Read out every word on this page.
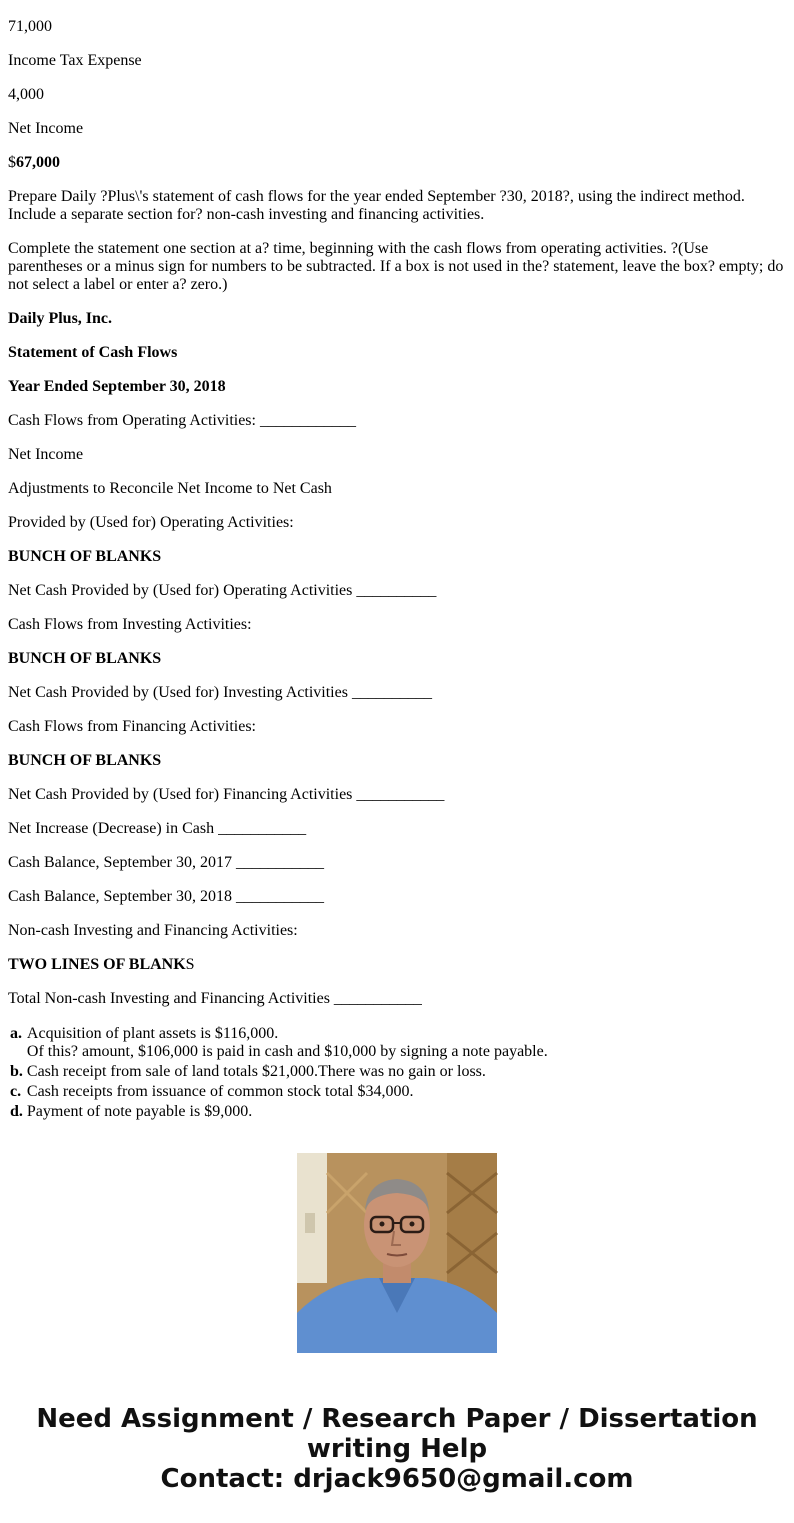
71,000

Income Tax Expense

4,000

Net Income

$67,000

Prepare Daily ?Plus\'s statement of cash flows for the year ended September ?30, 2018?, using the indirect method. Include a separate section for? non-cash investing and financing activities.

Complete the statement one section at a? time, beginning with the cash flows from operating activities. ?(Use parentheses or a minus sign for numbers to be subtracted. If a box is not used in the? statement, leave the box? empty; do not select a label or enter a? zero.)

Daily Plus, Inc.

Statement of Cash Flows

Year Ended September 30, 2018

Cash Flows from Operating Activities: ____________

Net Income

Adjustments to Reconcile Net Income to Net Cash

Provided by (Used for) Operating Activities:

BUNCH OF BLANKS

Net Cash Provided by (Used for) Operating Activities __________

Cash Flows from Investing Activities:

BUNCH OF BLANKS

Net Cash Provided by (Used for) Investing Activities __________

Cash Flows from Financing Activities:

BUNCH OF BLANKS

Net Cash Provided by (Used for) Financing Activities ___________

Net Increase (Decrease) in Cash ___________

Cash Balance, September 30, 2017 ___________

Cash Balance, September 30, 2018 ___________

Non-cash Investing and Financing Activities:

TWO LINES OF BLANKS

Total Non-cash Investing and Financing Activities ___________

a.	Acquisition of plant assets is $116,000.
Of this? amount, $106,000 is paid in cash and $10,000 by signing a note payable.

b.	Cash receipt from sale of land totals $21,000.There was no gain or loss.
c.	Cash receipts from issuance of common stock total $34,000.
d.	Payment of note payable is $9,000.
Need Assignment / Research Paper / Dissertation
writing Help
Contact: drjack9650@gmail.com
